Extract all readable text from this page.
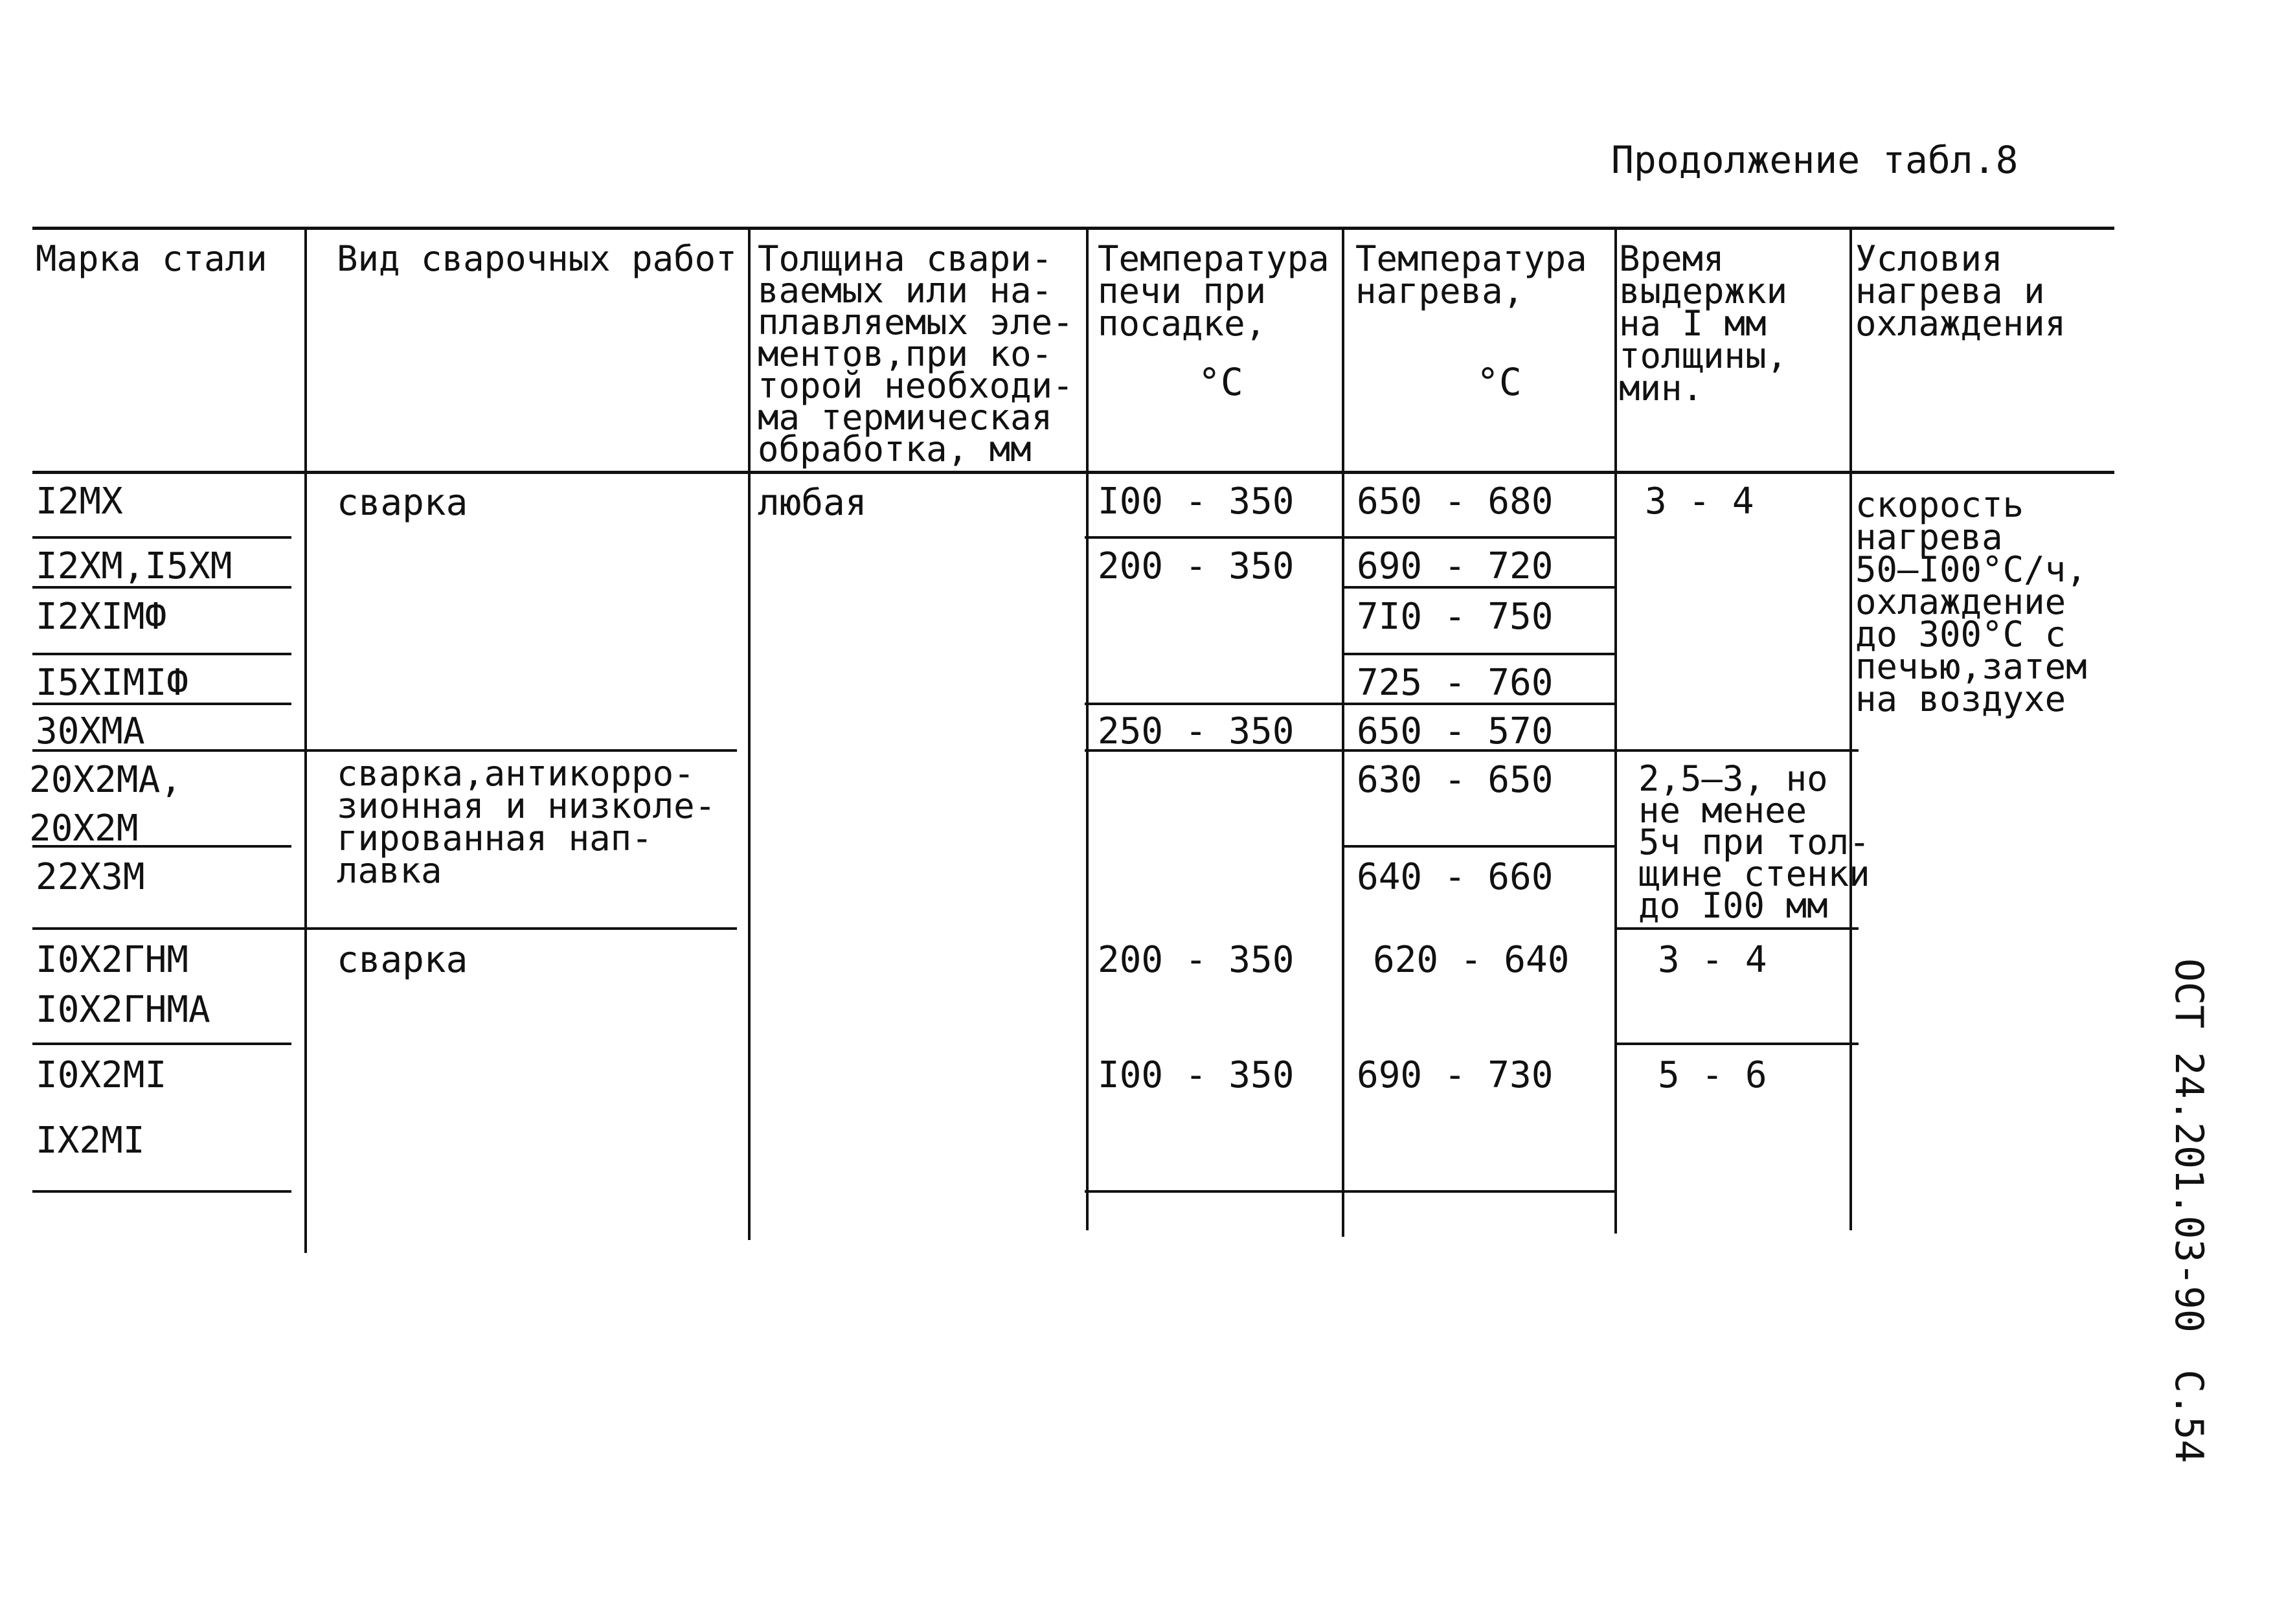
Продолжение табл.8
Марка стали Вид сварочных работ Толщина свари-
ваемых или на-
плавляемых эле-
ментов,при ко-
торой необходи-
ма термическая
обработка, мм
Температура
печи при
посадке,
°C
Температура
нагрева,
°C
Время
выдержки
на I мм
толщины,
мин.
Условия
нагрева и
охлаждения
I2МХ
I2ХМ,I5ХМ
I2ХIМФ
I5ХIМIФ
30ХМА
20Х2МА,
20Х2М
22Х3М
I0Х2ГНМ
I0Х2ГНМА
I0Х2МI
IХ2МI
сварка
сварка,антикорро-
зионная и низколе-
гированная нап-
лавка
сварка
любая	I00 - 350
200 - 350
250 - 350
200 - 350
I00 - 350
650 - 680
690 - 720
7I0 - 750
725 - 760
650 - 570
630 - 650
640 - 660
620 - 640
690 - 730
3 - 4
2,5–3, но
не менее
5ч при тол-
щине стенки
до I00 мм
3 - 4
5 - 6
скорость
нагрева
50–I00°С/ч,
охлаждение
до 300°С с
печью,затем
на воздухе
ОСТ 24.201.03-90
С.54
